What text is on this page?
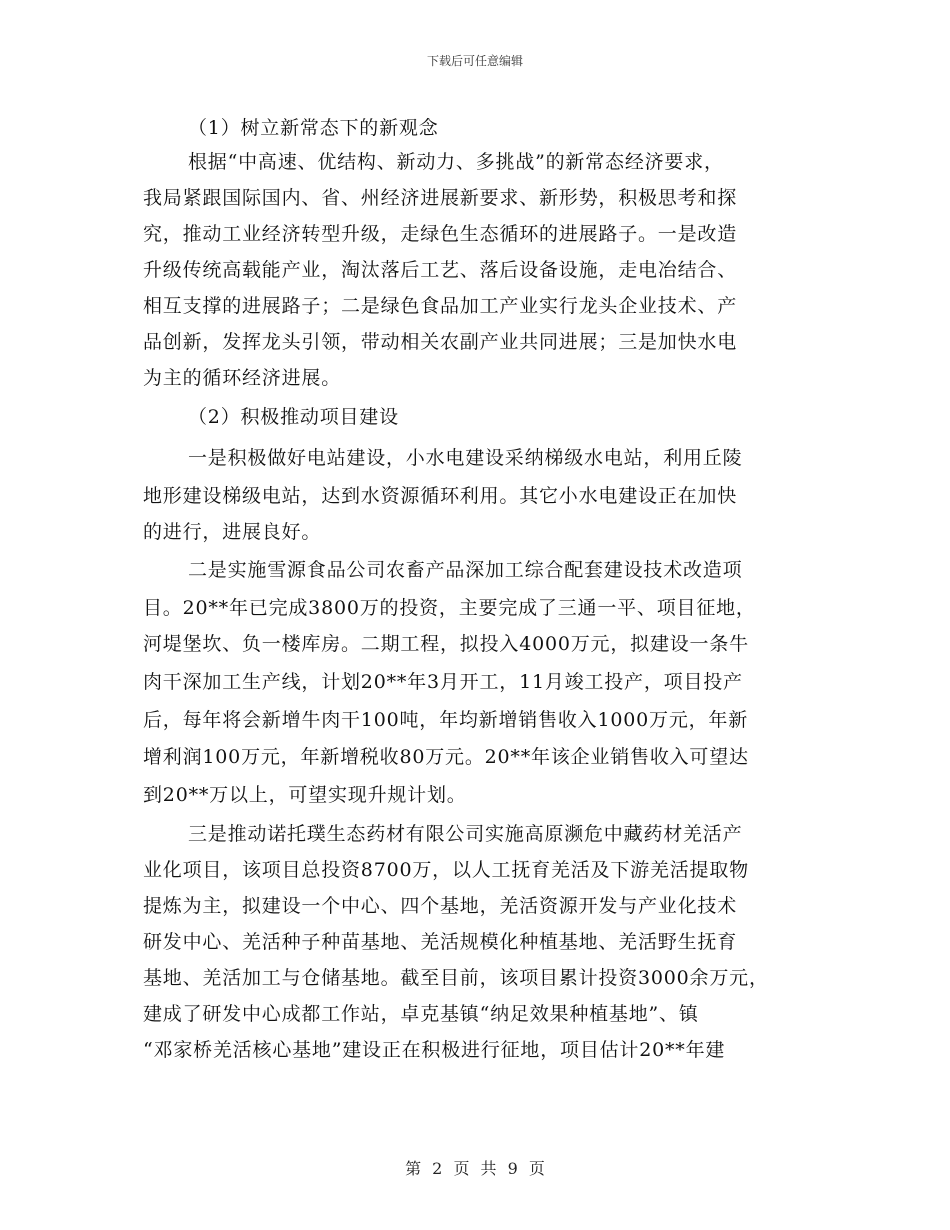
下载后可任意编辑
（1）树立新常态下的新观念
根据“中高速、优结构、新动力、多挑战”的新常态经济要求，
我局紧跟国际国内、省、州经济进展新要求、新形势，积极思考和探
究，推动工业经济转型升级，走绿色生态循环的进展路子。一是改造
升级传统高载能产业，淘汰落后工艺、落后设备设施，走电冶结合、
相互支撑的进展路子；二是绿色食品加工产业实行龙头企业技术、产
品创新，发挥龙头引领，带动相关农副产业共同进展；三是加快水电
为主的循环经济进展。
（2）积极推动项目建设
一是积极做好电站建设，小水电建设采纳梯级水电站，利用丘陵
地形建设梯级电站，达到水资源循环利用。其它小水电建设正在加快
的进行，进展良好。
二是实施雪源食品公司农畜产品深加工综合配套建设技术改造项
目。20**年已完成3800万的投资，主要完成了三通一平、项目征地，
河堤堡坎、负一楼库房。二期工程，拟投入4000万元，拟建设一条牛
肉干深加工生产线，计划20**年3月开工，11月竣工投产，项目投产
后，每年将会新增牛肉干100吨，年均新增销售收入1000万元，年新
增利润100万元，年新增税收80万元。20**年该企业销售收入可望达
到20**万以上，可望实现升规计划。
三是推动诺托璞生态药材有限公司实施高原濒危中藏药材羌活产
业化项目，该项目总投资8700万，以人工抚育羌活及下游羌活提取物
提炼为主，拟建设一个中心、四个基地，羌活资源开发与产业化技术
研发中心、羌活种子种苗基地、羌活规模化种植基地、羌活野生抚育
基地、羌活加工与仓储基地。截至目前，该项目累计投资3000余万元，
建成了研发中心成都工作站，卓克基镇“纳足效果种植基地”、镇
“邓家桥羌活核心基地”建设正在积极进行征地，项目估计20**年建
第 2 页 共 9 页
